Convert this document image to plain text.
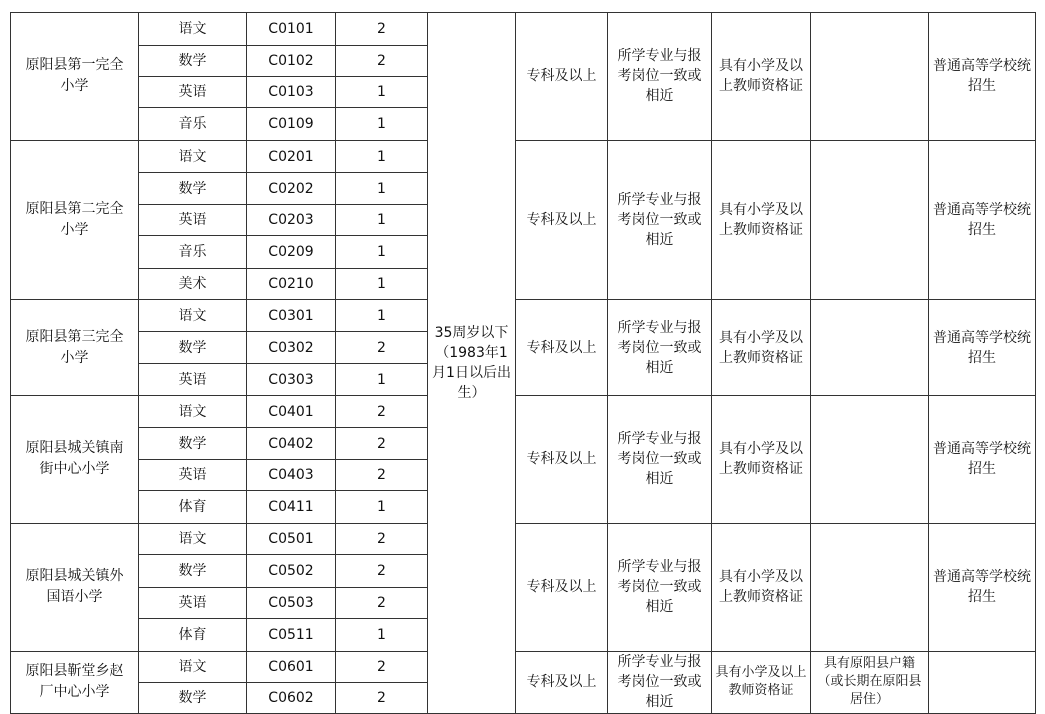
原阳县第一完全小学	语文	C0101	2	35周岁以下（1983年1月1日以后出生）	专科及以上	所学专业与报考岗位一致或相近	具有小学及以上教师资格证		普通高等学校统招生
	数学	C0102	2						
	英语	C0103	1						
	音乐	C0109	1						
原阳县第二完全小学	语文	C0201	1		专科及以上	所学专业与报考岗位一致或相近	具有小学及以上教师资格证		普通高等学校统招生
	数学	C0202	1						
	英语	C0203	1						
	音乐	C0209	1						
	美术	C0210	1						
原阳县第三完全小学	语文	C0301	1		专科及以上	所学专业与报考岗位一致或相近	具有小学及以上教师资格证		普通高等学校统招生
	数学	C0302	2						
	英语	C0303	1						
原阳县城关镇南街中心小学	语文	C0401	2		专科及以上	所学专业与报考岗位一致或相近	具有小学及以上教师资格证		普通高等学校统招生
	数学	C0402	2						
	英语	C0403	2						
	体育	C0411	1						
原阳县城关镇外国语小学	语文	C0501	2		专科及以上	所学专业与报考岗位一致或相近	具有小学及以上教师资格证		普通高等学校统招生
	数学	C0502	2						
	英语	C0503	2						
	体育	C0511	1						
原阳县靳堂乡赵厂中心小学	语文	C0601	2		专科及以上	所学专业与报考岗位一致或相近	具有小学及以上教师资格证	具有原阳县户籍（或长期在原阳县居住）	
	数学	C0602	2						
